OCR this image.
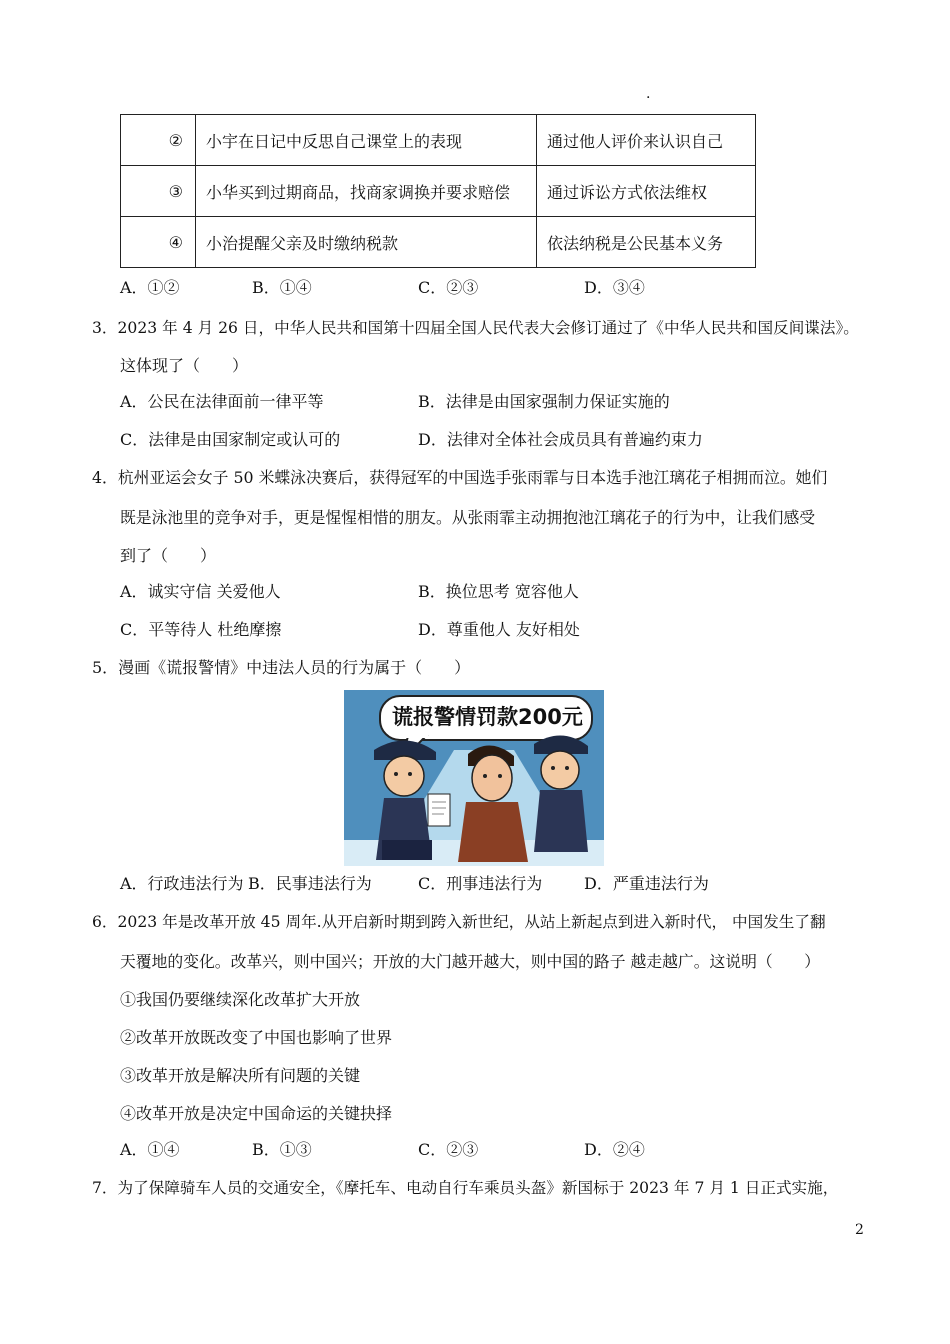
.
②	小宇在日记中反思自己课堂上的表现	通过他人评价来认识自己
③	小华买到过期商品，找商家调换并要求赔偿	通过诉讼方式依法维权
④	小治提醒父亲及时缴纳税款	依法纳税是公民基本义务
A．①②	B．①④	C．②③	D．③④
3．2023 年 4 月 26 日，中华人民共和国第十四届全国人民代表大会修订通过了《中华人民共和国反间谍法》。
这体现了（　　）
A．公民在法律面前一律平等	B．法律是由国家强制力保证实施的
C．法律是由国家制定或认可的	D．法律对全体社会成员具有普遍约束力
4．杭州亚运会女子 50 米蝶泳决赛后，获得冠军的中国选手张雨霏与日本选手池江璃花子相拥而泣。她们
既是泳池里的竞争对手，更是惺惺相惜的朋友。从张雨霏主动拥抱池江璃花子的行为中，让我们感受
到了（　　）
A．诚实守信 关爱他人	B．换位思考 宽容他人
C．平等待人 杜绝摩擦	D．尊重他人 友好相处
5．漫画《谎报警情》中违法人员的行为属于（　　）
谎报警情罚款200元
A．行政违法行为 B．民事违法行为	C．刑事违法行为	D．严重违法行为
6．2023 年是改革开放 45 周年.从开启新时期到跨入新世纪，从站上新起点到进入新时代， 中国发生了翻
天覆地的变化。改革兴，则中国兴；开放的大门越开越大，则中国的路子 越走越广。这说明（　　）
①我国仍要继续深化改革扩大开放
②改革开放既改变了中国也影响了世界
③改革开放是解决所有问题的关键
④改革开放是决定中国命运的关键抉择
A．①④	B．①③	C．②③	D．②④
7．为了保障骑车人员的交通安全，《摩托车、电动自行车乘员头盔》新国标于 2023 年 7 月 1 日正式实施，
2
